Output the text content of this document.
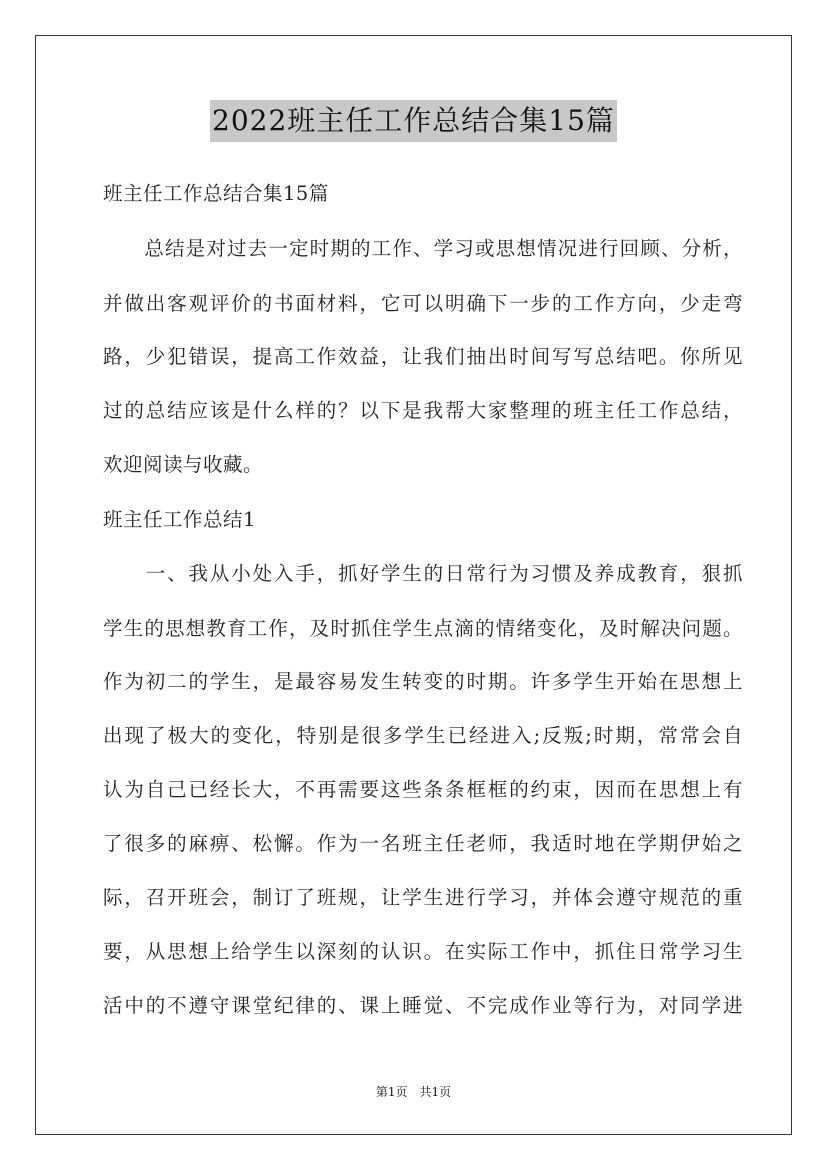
2022班主任工作总结合集15篇
班主任工作总结合集15篇
　　总结是对过去一定时期的工作、学习或思想情况进行回顾、分析，
并做出客观评价的书面材料，它可以明确下一步的工作方向，少走弯
路，少犯错误，提高工作效益，让我们抽出时间写写总结吧。你所见
过的总结应该是什么样的？以下是我帮大家整理的班主任工作总结，
欢迎阅读与收藏。
班主任工作总结1
　　一、我从小处入手，抓好学生的日常行为习惯及养成教育，狠抓
学生的思想教育工作，及时抓住学生点滴的情绪变化，及时解决问题。
作为初二的学生，是最容易发生转变的时期。许多学生开始在思想上
出现了极大的变化，特别是很多学生已经进入;反叛;时期，常常会自
认为自己已经长大，不再需要这些条条框框的约束，因而在思想上有
了很多的麻痹、松懈。作为一名班主任老师，我适时地在学期伊始之
际，召开班会，制订了班规，让学生进行学习，并体会遵守规范的重
要，从思想上给学生以深刻的认识。在实际工作中，抓住日常学习生
活中的不遵守课堂纪律的、课上睡觉、不完成作业等行为，对同学进
第1页　共1页
